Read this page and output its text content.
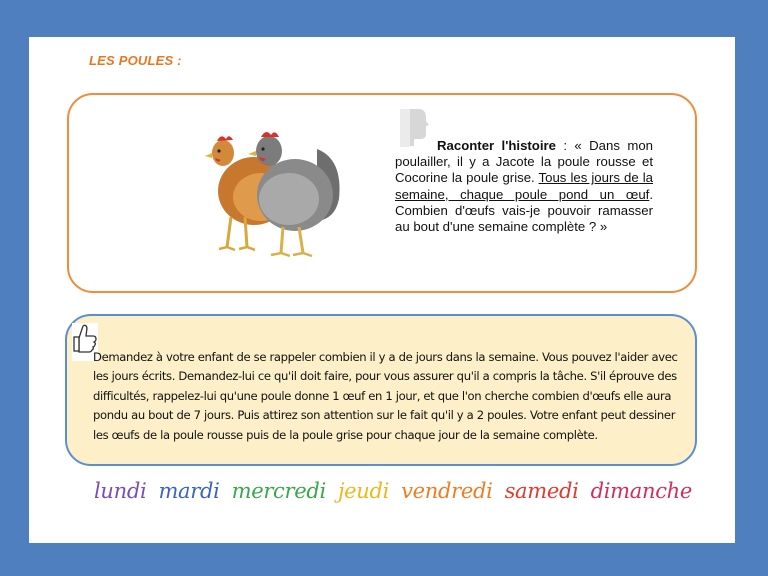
LES POULES :
Raconter l'histoire : « Dans mon poulailler, il y a Jacote la poule rousse et Cocorine la poule grise. Tous les jours de la semaine, chaque poule pond un œuf. Combien d'œufs vais-je pouvoir ramasser au bout d'une semaine complète ? »
Demandez à votre enfant de se rappeler combien il y a de jours dans la semaine. Vous pouvez l'aider avec les jours écrits. Demandez-lui ce qu'il doit faire, pour vous assurer qu'il a compris la tâche. S'il éprouve des difficultés, rappelez-lui qu'une poule donne 1 œuf en 1 jour, et que l'on cherche combien d'œufs elle aura pondu au bout de 7 jours. Puis attirez son attention sur le fait qu'il y a 2 poules. Votre enfant peut dessiner les œufs de la poule rousse puis de la poule grise pour chaque jour de la semaine complète.
lundi mardi mercredi jeudi vendredi samedi dimanche
